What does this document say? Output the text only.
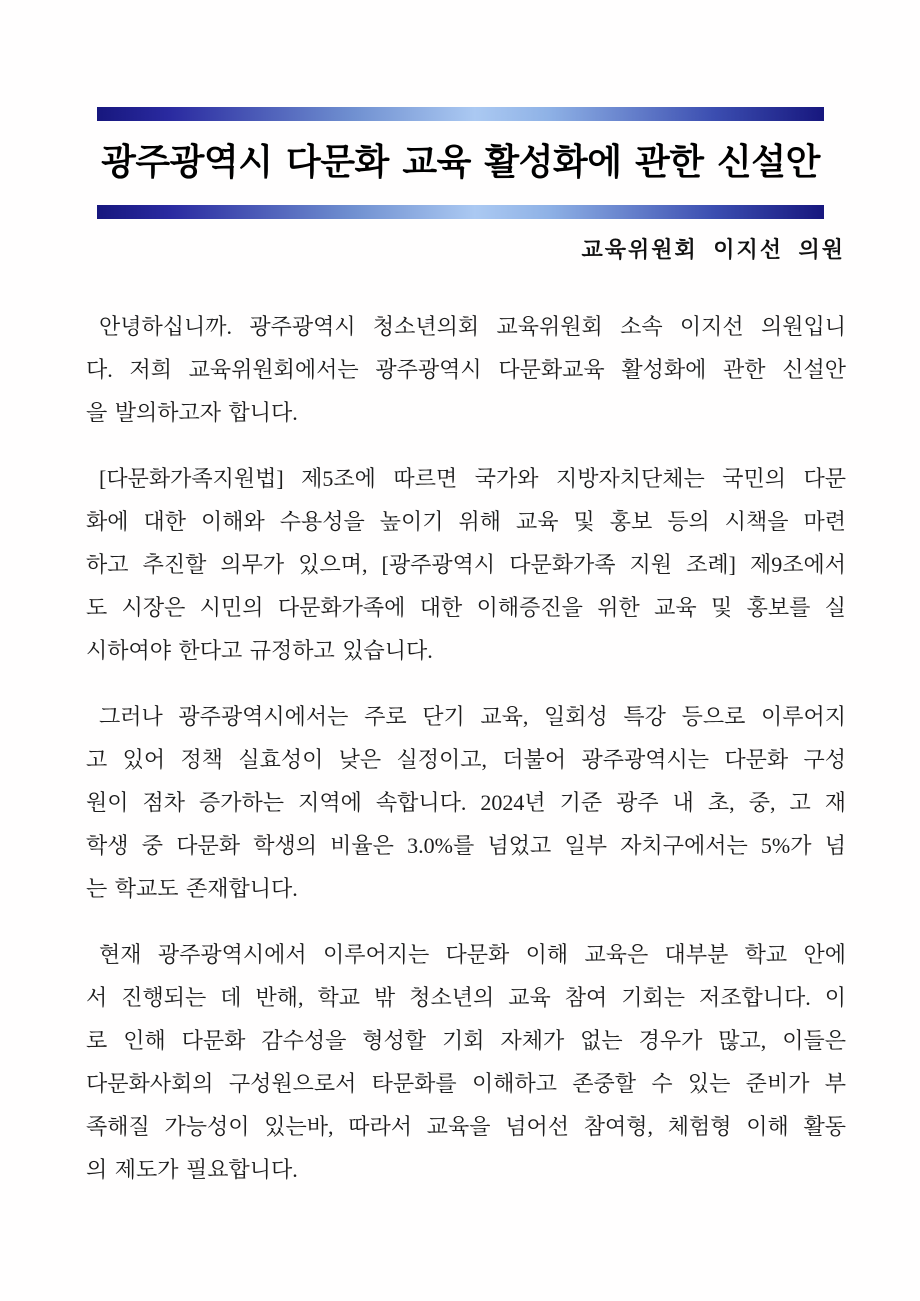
광주광역시 다문화 교육 활성화에 관한 신설안
교육위원회 이지선 의원
안녕하십니까. 광주광역시 청소년의회 교육위원회 소속 이지선 의원입니
다. 저희 교육위원회에서는 광주광역시 다문화교육 활성화에 관한 신설안
을 발의하고자 합니다.
[다문화가족지원법] 제5조에 따르면 국가와 지방자치단체는 국민의 다문
화에 대한 이해와 수용성을 높이기 위해 교육 및 홍보 등의 시책을 마련
하고 추진할 의무가 있으며, [광주광역시 다문화가족 지원 조례] 제9조에서
도 시장은 시민의 다문화가족에 대한 이해증진을 위한 교육 및 홍보를 실
시하여야 한다고 규정하고 있습니다.
그러나 광주광역시에서는 주로 단기 교육, 일회성 특강 등으로 이루어지
고 있어 정책 실효성이 낮은 실정이고, 더불어 광주광역시는 다문화 구성
원이 점차 증가하는 지역에 속합니다. 2024년 기준 광주 내 초, 중, 고 재
학생 중 다문화 학생의 비율은 3.0%를 넘었고 일부 자치구에서는 5%가 넘
는 학교도 존재합니다.
현재 광주광역시에서 이루어지는 다문화 이해 교육은 대부분 학교 안에
서 진행되는 데 반해, 학교 밖 청소년의 교육 참여 기회는 저조합니다. 이
로 인해 다문화 감수성을 형성할 기회 자체가 없는 경우가 많고, 이들은
다문화사회의 구성원으로서 타문화를 이해하고 존중할 수 있는 준비가 부
족해질 가능성이 있는바, 따라서 교육을 넘어선 참여형, 체험형 이해 활동
의 제도가 필요합니다.
